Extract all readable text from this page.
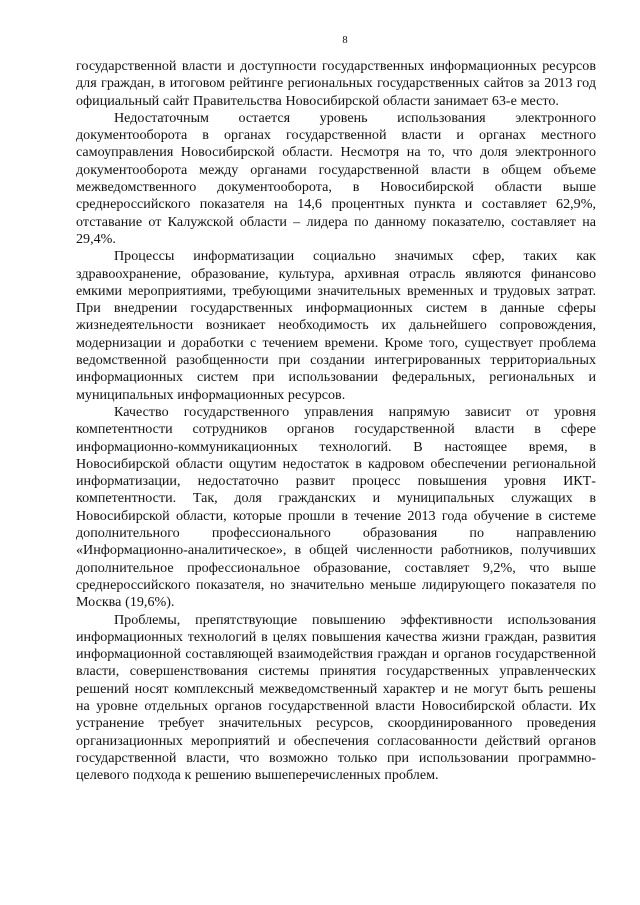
8

государственной власти и доступности государственных информационных ресурсов для граждан, в итоговом рейтинге региональных государственных сайтов за 2013 год официальный сайт Правительства Новосибирской области занимает 63-е место.

Недостаточным остается уровень использования электронного документооборота в органах государственной власти и органах местного самоуправления Новосибирской области. Несмотря на то, что доля электронного документооборота между органами государственной власти в общем объеме межведомственного документооборота, в Новосибирской области выше среднероссийского показателя на 14,6 процентных пункта и составляет 62,9%, отставание от Калужской области – лидера по данному показателю, составляет на 29,4%.

Процессы информатизации социально значимых сфер, таких как здравоохранение, образование, культура, архивная отрасль являются финансово емкими мероприятиями, требующими значительных временных и трудовых затрат. При внедрении государственных информационных систем в данные сферы жизнедеятельности возникает необходимость их дальнейшего сопровождения, модернизации и доработки с течением времени. Кроме того, существует проблема ведомственной разобщенности при создании интегрированных территориальных информационных систем при использовании федеральных, региональных и муниципальных информационных ресурсов.

Качество государственного управления напрямую зависит от уровня компетентности сотрудников органов государственной власти в сфере информационно-коммуникационных технологий. В настоящее время, в Новосибирской области ощутим недостаток в кадровом обеспечении региональной информатизации, недостаточно развит процесс повышения уровня ИКТ-компетентности. Так, доля гражданских и муниципальных служащих в Новосибирской области, которые прошли в течение 2013 года обучение в системе дополнительного профессионального образования по направлению «Информационно-аналитическое», в общей численности работников, получивших дополнительное профессиональное образование, составляет 9,2%, что выше среднероссийского показателя, но значительно меньше лидирующего показателя по Москва (19,6%).

Проблемы, препятствующие повышению эффективности использования информационных технологий в целях повышения качества жизни граждан, развития информационной составляющей взаимодействия граждан и органов государственной власти, совершенствования системы принятия государственных управленческих решений носят комплексный межведомственный характер и не могут быть решены на уровне отдельных органов государственной власти Новосибирской области. Их устранение требует значительных ресурсов, скоординированного проведения организационных мероприятий и обеспечения согласованности действий органов государственной власти, что возможно только при использовании программно-целевого подхода к решению вышеперечисленных проблем.
